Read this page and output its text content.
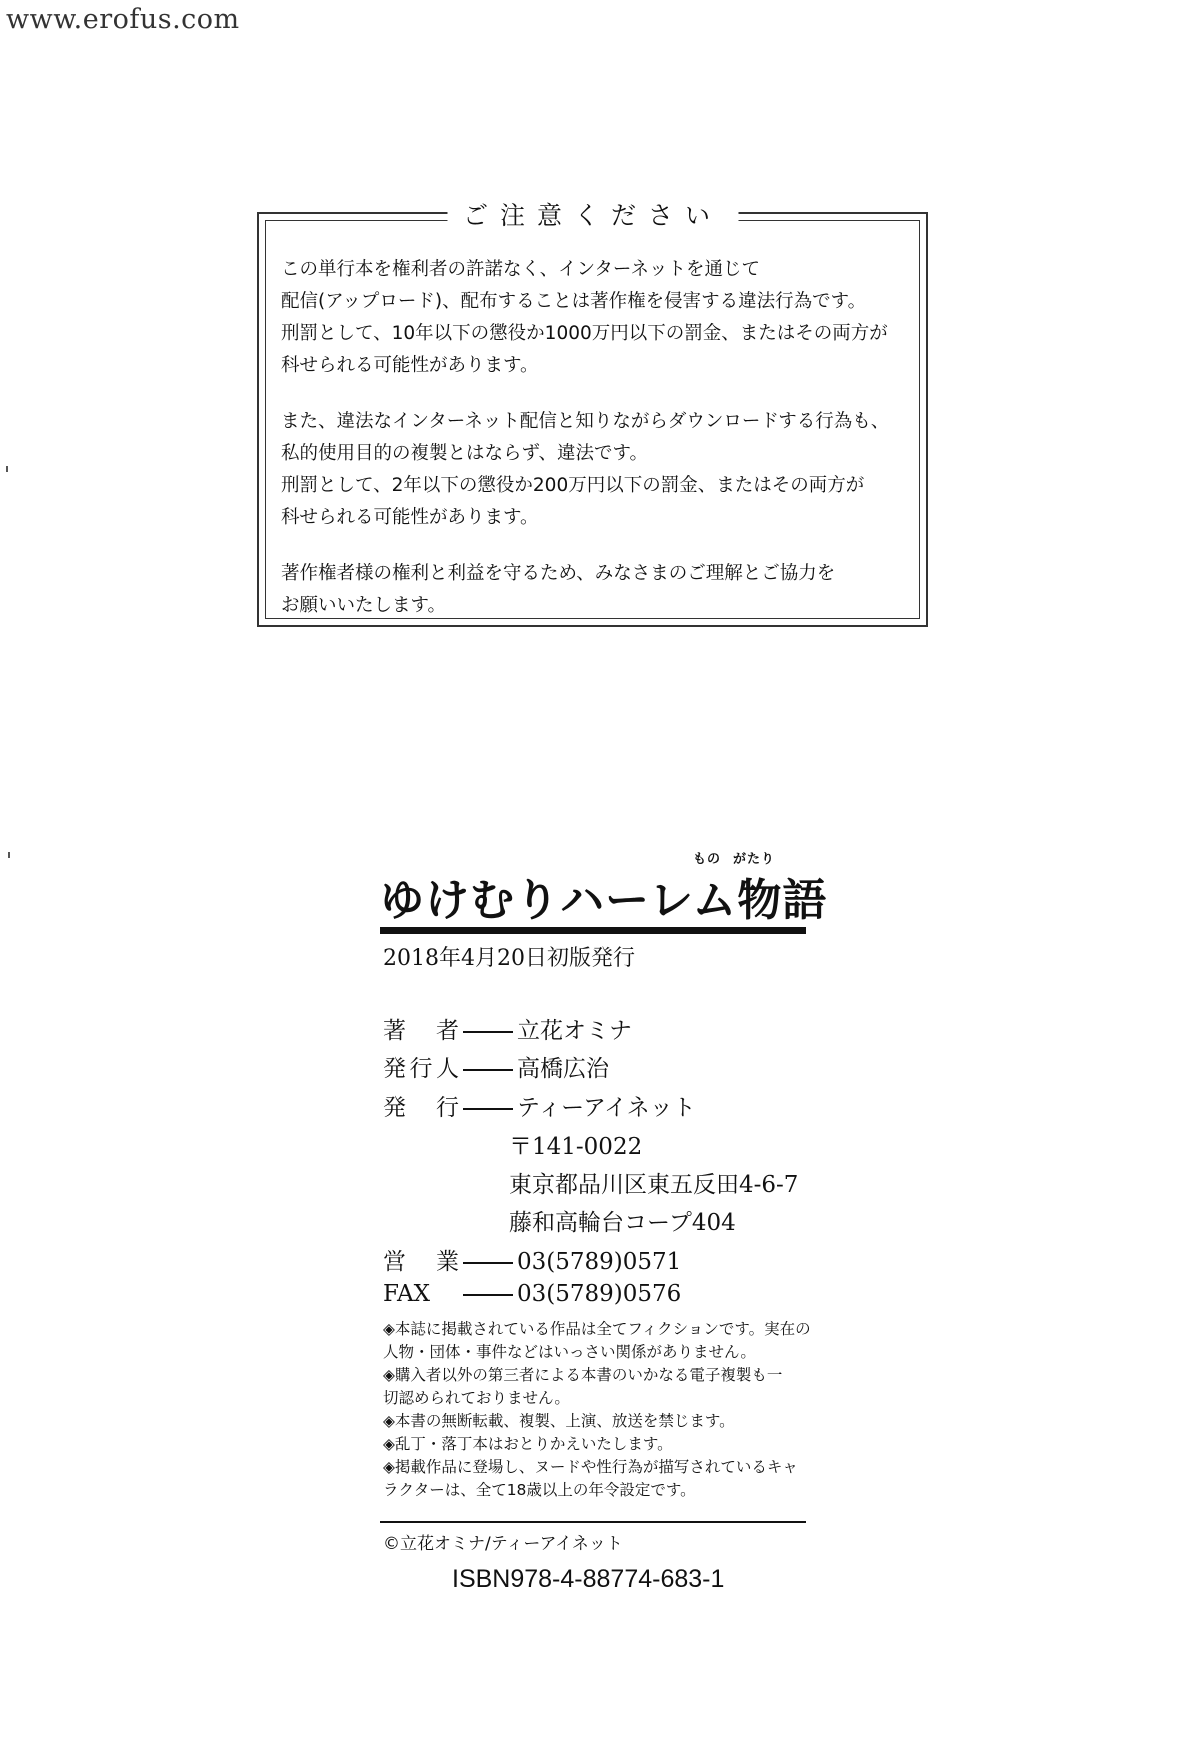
www.erofus.com
ご注意ください
この単行本を権利者の許諾なく、インターネットを通じて
配信(アップロード)、配布することは著作権を侵害する違法行為です。
刑罰として、10年以下の懲役か1000万円以下の罰金、またはその両方が
科せられる可能性があります。
また、違法なインターネット配信と知りながらダウンロードする行為も、
私的使用目的の複製とはならず、違法です。
刑罰として、2年以下の懲役か200万円以下の罰金、またはその両方が
科せられる可能性があります。
著作権者様の権利と利益を守るため、みなさまのご理解とご協力を
お願いいたします。
もの がたり
ゆけむりハーレム物語
2018年4月20日初版発行
著者	立花オミナ
発行人	高橋広治
発行	ティーアイネット
〒141-0022
東京都品川区東五反田4-6-7
藤和高輪台コープ404
営業	03(5789)0571
FAX	03(5789)0576
◈本誌に掲載されている作品は全てフィクションです。実在の
人物・団体・事件などはいっさい関係がありません。
◈購入者以外の第三者による本書のいかなる電子複製も一
切認められておりません。
◈本書の無断転載、複製、上演、放送を禁じます。
◈乱丁・落丁本はおとりかえいたします。
◈掲載作品に登場し、ヌードや性行為が描写されているキャ
ラクターは、全て18歳以上の年令設定です。
©立花オミナ/ティーアイネット
ISBN978-4-88774-683-1
